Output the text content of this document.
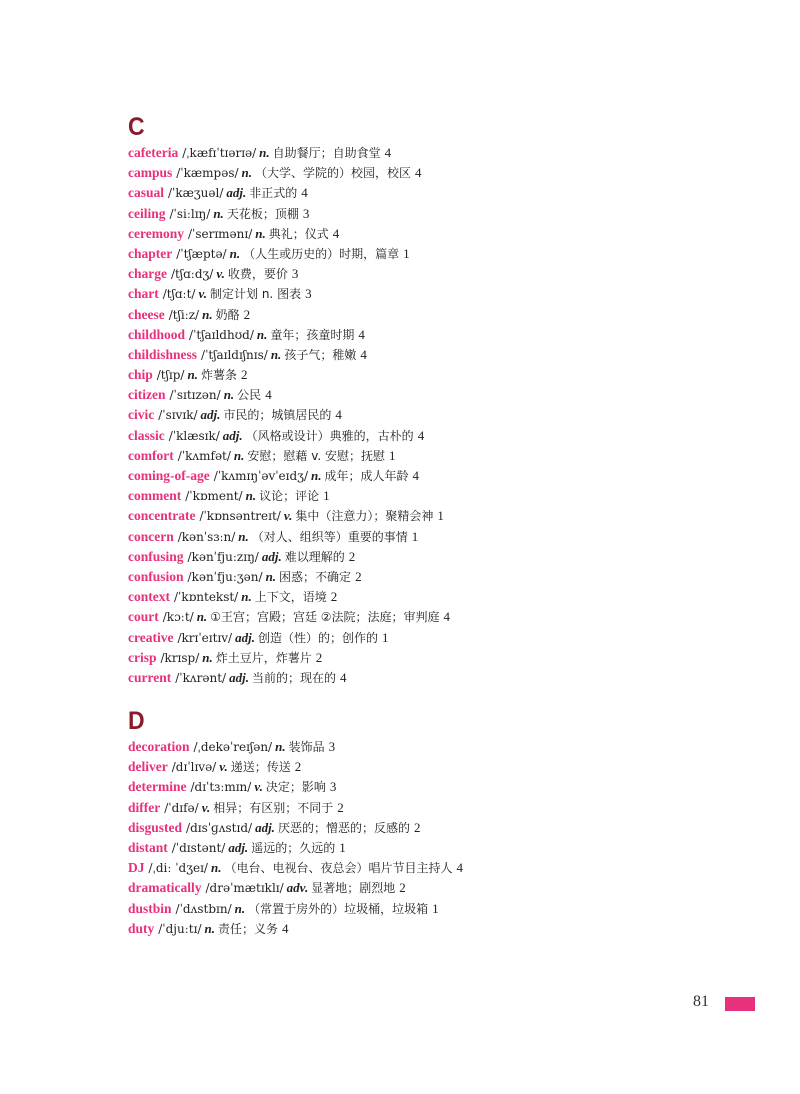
C
cafeteria /ˌkæfɪˈtɪərɪə/ n. 自助餐厅；自助食堂 4
campus /ˈkæmpəs/ n. （大学、学院的）校园，校区 4
casual /ˈkæʒuəl/ adj. 非正式的 4
ceiling /ˈsiːlɪŋ/ n. 天花板；顶棚 3
ceremony /ˈserɪmənɪ/ n. 典礼；仪式 4
chapter /ˈtʃæptə/ n. （人生或历史的）时期，篇章 1
charge /tʃɑːdʒ/ v. 收费，要价 3
chart /tʃɑːt/ v. 制定计划 n. 图表 3
cheese /tʃiːz/ n. 奶酪 2
childhood /ˈtʃaɪldhʊd/ n. 童年；孩童时期 4
childishness /ˈtʃaɪldɪʃnɪs/ n. 孩子气；稚嫩 4
chip /tʃɪp/ n. 炸薯条 2
citizen /ˈsɪtɪzən/ n. 公民 4
civic /ˈsɪvɪk/ adj. 市民的；城镇居民的 4
classic /ˈklæsɪk/ adj. （风格或设计）典雅的，古朴的 4
comfort /ˈkʌmfət/ n. 安慰；慰藉 v. 安慰；抚慰 1
coming-of-age /ˈkʌmɪŋˈəvˈeɪdʒ/ n. 成年；成人年龄 4
comment /ˈkɒment/ n. 议论；评论 1
concentrate /ˈkɒnsəntreɪt/ v. 集中（注意力）；聚精会神 1
concern /kənˈsɜːn/ n. （对人、组织等）重要的事情 1
confusing /kənˈfjuːzɪŋ/ adj. 难以理解的 2
confusion /kənˈfjuːʒən/ n. 困惑；不确定 2
context /ˈkɒntekst/ n. 上下文，语境 2
court /kɔːt/ n. ①王宫；宫殿；宫廷 ②法院；法庭；审判庭 4
creative /krɪˈeɪtɪv/ adj. 创造（性）的；创作的 1
crisp /krɪsp/ n. 炸土豆片，炸薯片 2
current /ˈkʌrənt/ adj. 当前的；现在的 4
D
decoration /ˌdekəˈreɪʃən/ n. 装饰品 3
deliver /dɪˈlɪvə/ v. 递送；传送 2
determine /dɪˈtɜːmɪn/ v. 决定；影响 3
differ /ˈdɪfə/ v. 相异；有区别；不同于 2
disgusted /dɪsˈɡʌstɪd/ adj. 厌恶的；憎恶的；反感的 2
distant /ˈdɪstənt/ adj. 遥远的；久远的 1
DJ /ˌdiː ˈdʒeɪ/ n. （电台、电视台、夜总会）唱片节目主持人 4
dramatically /drəˈmætɪklɪ/ adv. 显著地；剧烈地 2
dustbin /ˈdʌstbɪn/ n. （常置于房外的）垃圾桶，垃圾箱 1
duty /ˈdjuːtɪ/ n. 责任；义务 4
81
